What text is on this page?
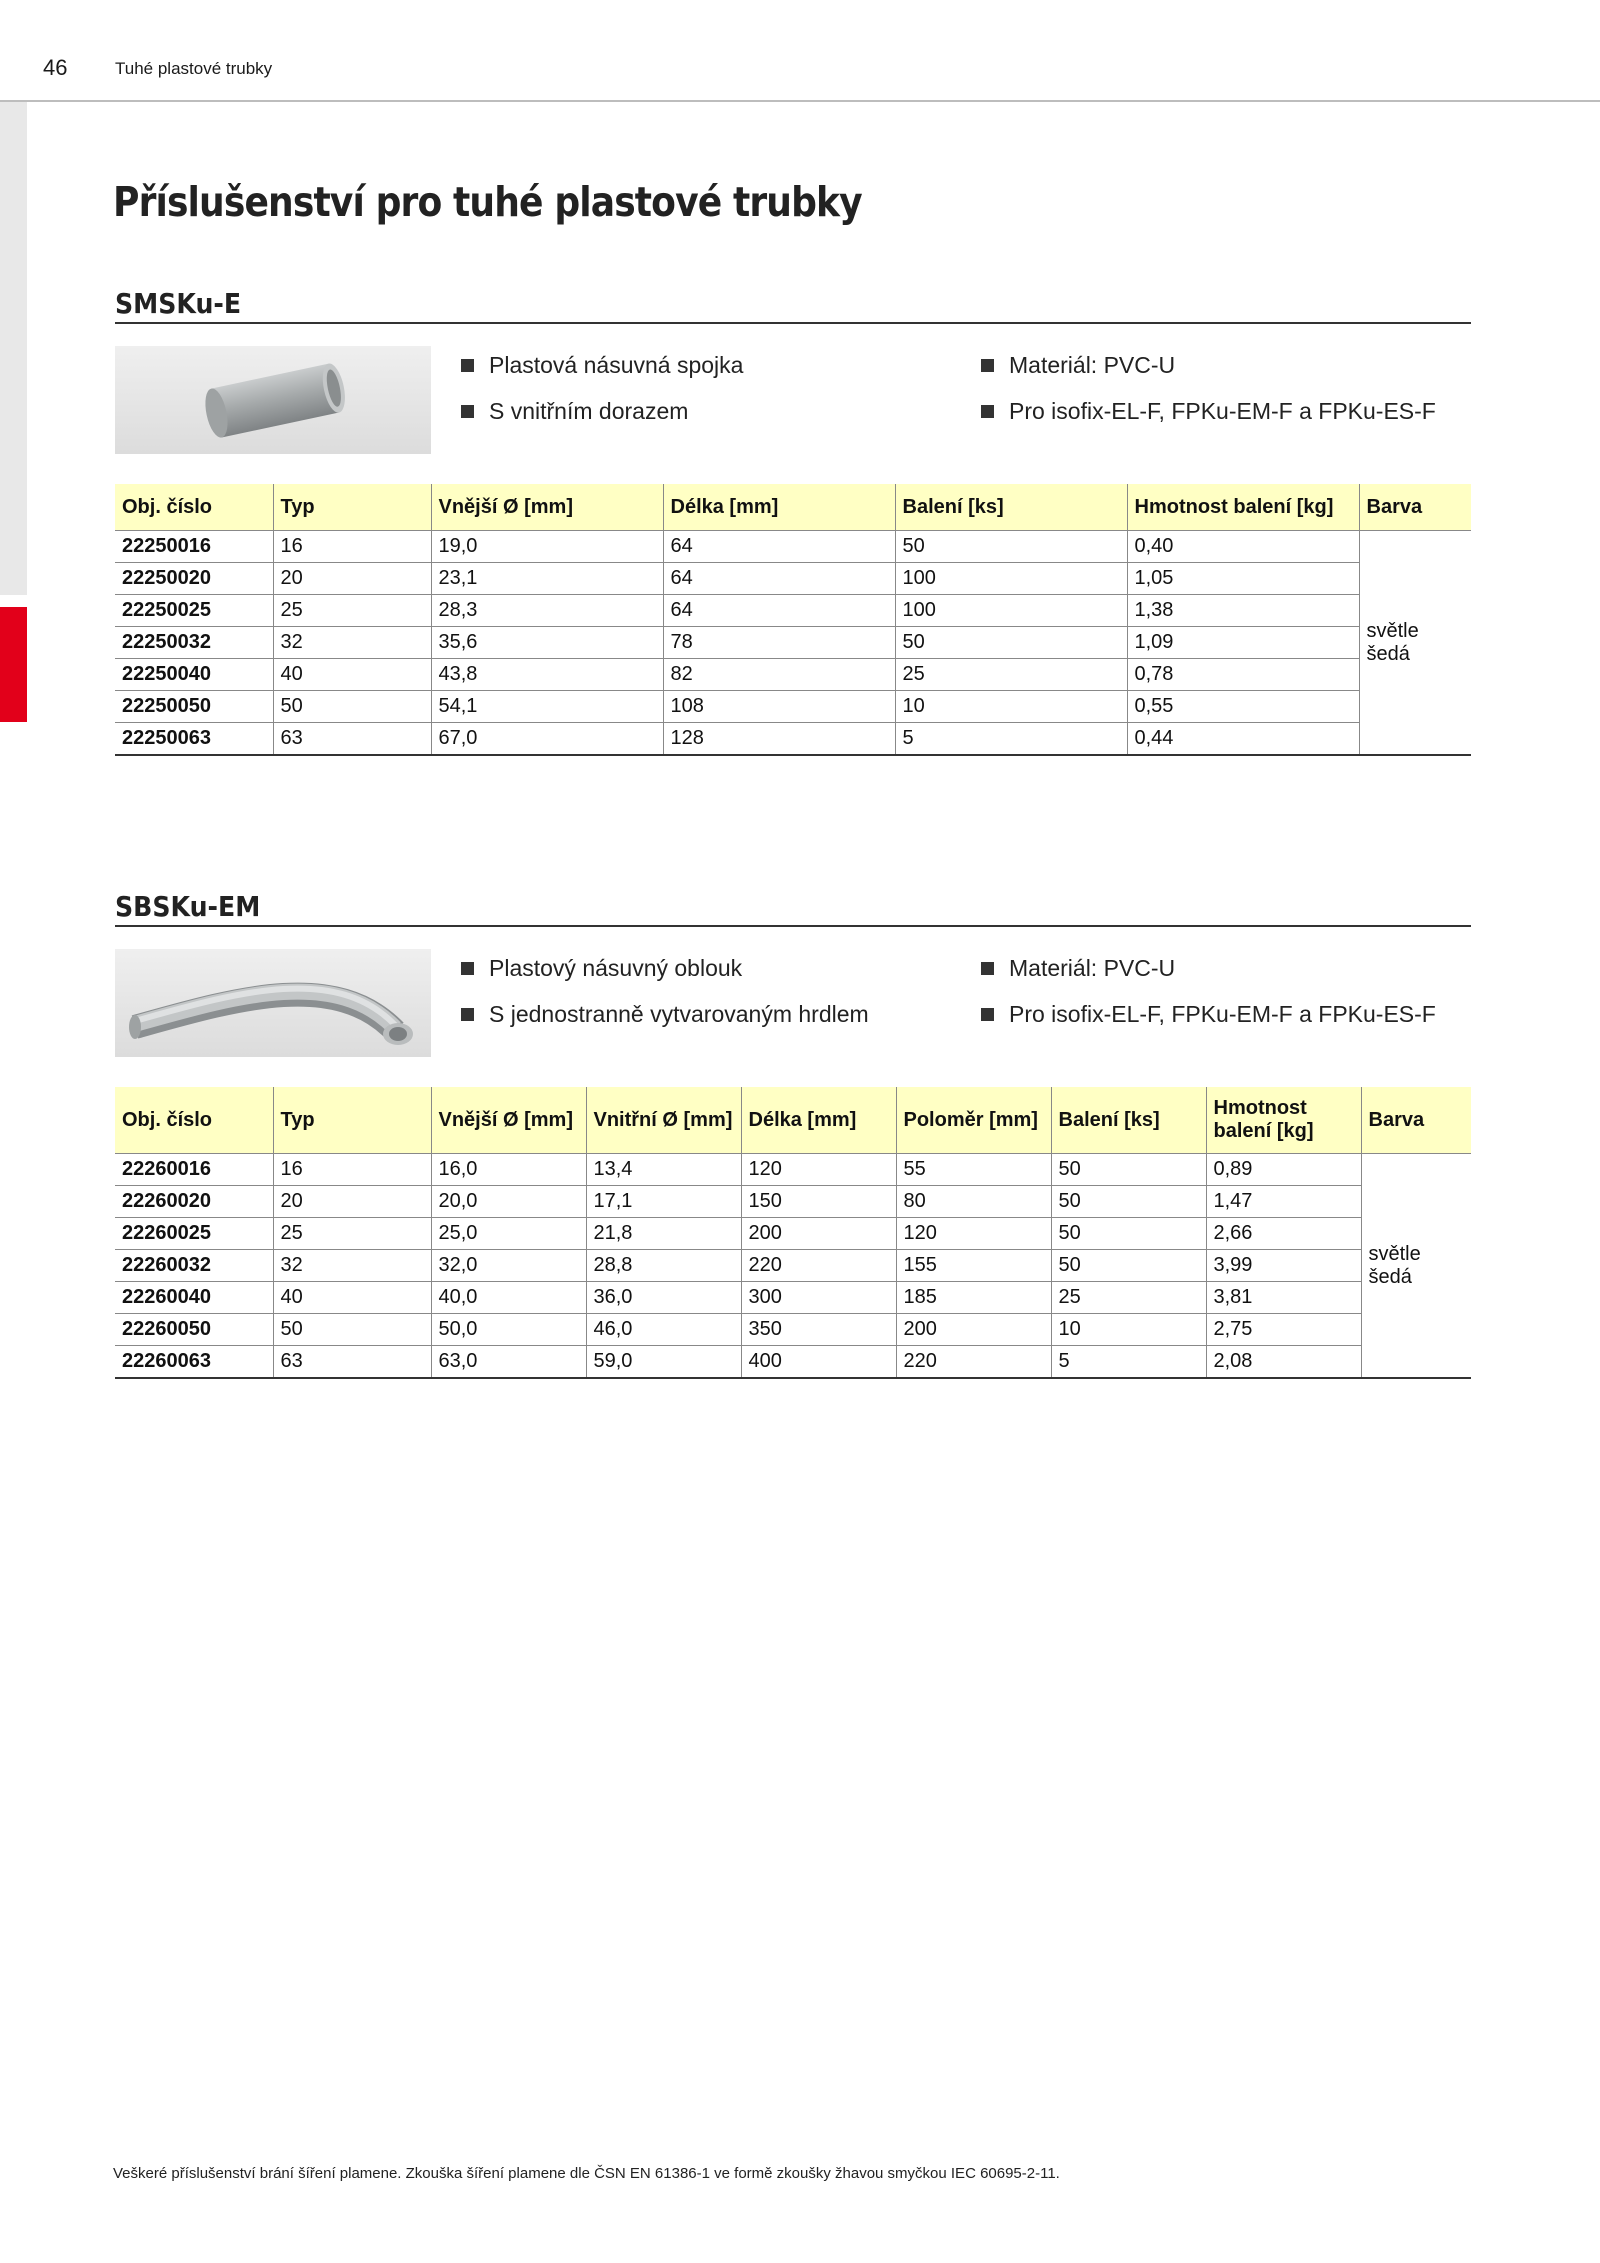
46	Tuhé plastové trubky
Příslušenství pro tuhé plastové trubky
SMSKu-E
Plastová násuvná spojka
S vnitřním dorazem
Materiál: PVC-U
Pro isofix-EL-F, FPKu-EM-F a FPKu-ES-F
Obj. číslo	Typ	Vnější Ø [mm]	Délka [mm]	Balení [ks]	Hmotnost balení [kg]	Barva
22250016	16	19,0	64	50	0,40	světle šedá
22250020	20	23,1	64	100	1,05	
22250025	25	28,3	64	100	1,38	
22250032	32	35,6	78	50	1,09	
22250040	40	43,8	82	25	0,78	
22250050	50	54,1	108	10	0,55	
22250063	63	67,0	128	5	0,44	
SBSKu-EM
Plastový násuvný oblouk
S jednostranně vytvarovaným hrdlem
Materiál: PVC-U
Pro isofix-EL-F, FPKu-EM-F a FPKu-ES-F
Obj. číslo	Typ	Vnější Ø [mm]	Vnitřní Ø [mm]	Délka [mm]	Poloměr [mm]	Balení [ks]	Hmotnost balení [kg]	Barva
22260016	16	16,0	13,4	120	55	50	0,89	světle šedá
22260020	20	20,0	17,1	150	80	50	1,47	
22260025	25	25,0	21,8	200	120	50	2,66	
22260032	32	32,0	28,8	220	155	50	3,99	
22260040	40	40,0	36,0	300	185	25	3,81	
22260050	50	50,0	46,0	350	200	10	2,75	
22260063	63	63,0	59,0	400	220	5	2,08	
Veškeré příslušenství brání šíření plamene. Zkouška šíření plamene dle ČSN EN 61386-1 ve formě zkoušky žhavou smyčkou IEC 60695-2-11.
